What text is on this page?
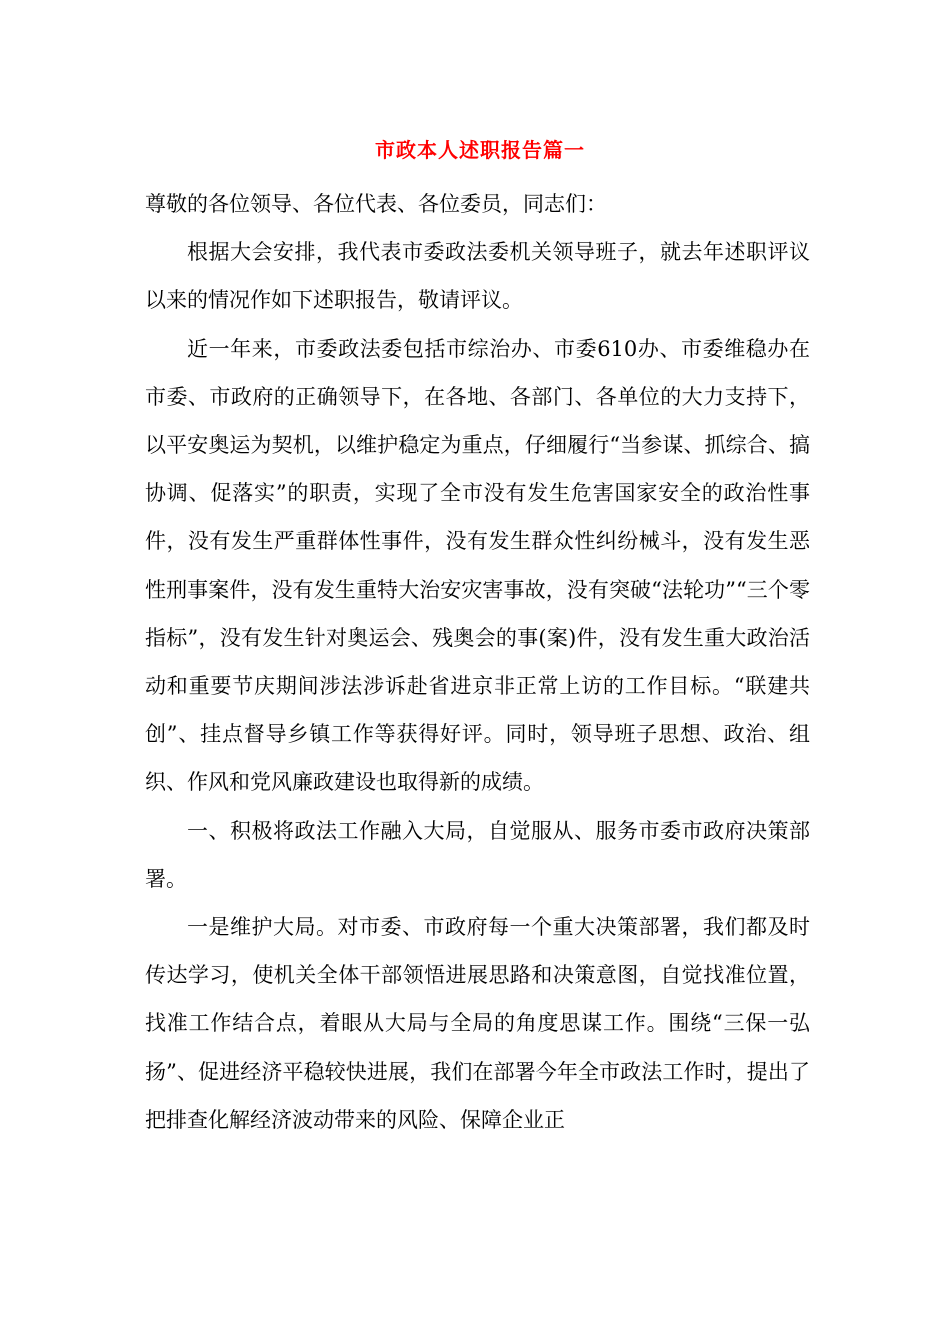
市政本人述职报告篇一

尊敬的各位领导、各位代表、各位委员，同志们：

根据大会安排，我代表市委政法委机关领导班子，就去年述职评议以来的情况作如下述职报告，敬请评议。

近一年来，市委政法委包括市综治办、市委610办、市委维稳办在市委、市政府的正确领导下，在各地、各部门、各单位的大力支持下，以平安奥运为契机，以维护稳定为重点，仔细履行“当参谋、抓综合、搞协调、促落实”的职责，实现了全市没有发生危害国家安全的政治性事件，没有发生严重群体性事件，没有发生群众性纠纷械斗，没有发生恶性刑事案件，没有发生重特大治安灾害事故，没有突破“法轮功”“三个零指标”，没有发生针对奥运会、残奥会的事(案)件，没有发生重大政治活动和重要节庆期间涉法涉诉赴省进京非正常上访的工作目标。“联建共创”、挂点督导乡镇工作等获得好评。同时，领导班子思想、政治、组织、作风和党风廉政建设也取得新的成绩。

一、积极将政法工作融入大局，自觉服从、服务市委市政府决策部署。

一是维护大局。对市委、市政府每一个重大决策部署，我们都及时传达学习，使机关全体干部领悟进展思路和决策意图，自觉找准位置，找准工作结合点，着眼从大局与全局的角度思谋工作。围绕“三保一弘扬”、促进经济平稳较快进展，我们在部署今年全市政法工作时，提出了把排查化解经济波动带来的风险、保障企业正
